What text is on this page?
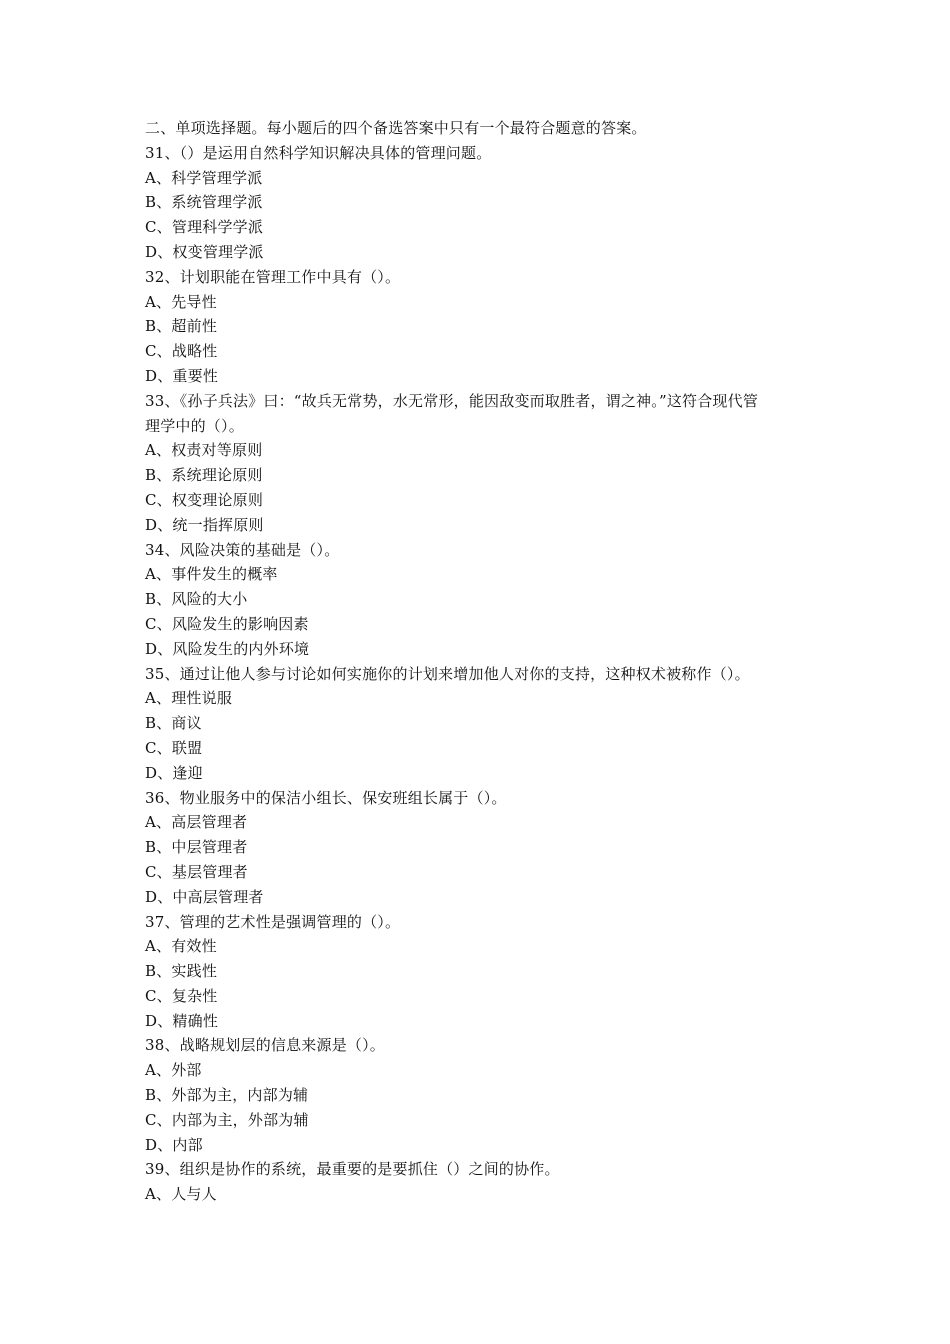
二、单项选择题。每小题后的四个备选答案中只有一个最符合题意的答案。
31、（）是运用自然科学知识解决具体的管理问题。
A、科学管理学派
B、系统管理学派
C、管理科学学派
D、权变管理学派
32、计划职能在管理工作中具有（）。
A、先导性
B、超前性
C、战略性
D、重要性
33、《孙子兵法》曰：“故兵无常势，水无常形，能因敌变而取胜者，谓之神。”这符合现代管
理学中的（）。
A、权责对等原则
B、系统理论原则
C、权变理论原则
D、统一指挥原则
34、风险决策的基础是（）。
A、事件发生的概率
B、风险的大小
C、风险发生的影响因素
D、风险发生的内外环境
35、通过让他人参与讨论如何实施你的计划来增加他人对你的支持，这种权术被称作（）。
A、理性说服
B、商议
C、联盟
D、逢迎
36、物业服务中的保洁小组长、保安班组长属于（）。
A、高层管理者
B、中层管理者
C、基层管理者
D、中高层管理者
37、管理的艺术性是强调管理的（）。
A、有效性
B、实践性
C、复杂性
D、精确性
38、战略规划层的信息来源是（）。
A、外部
B、外部为主，内部为辅
C、内部为主，外部为辅
D、内部
39、组织是协作的系统，最重要的是要抓住（）之间的协作。
A、人与人
